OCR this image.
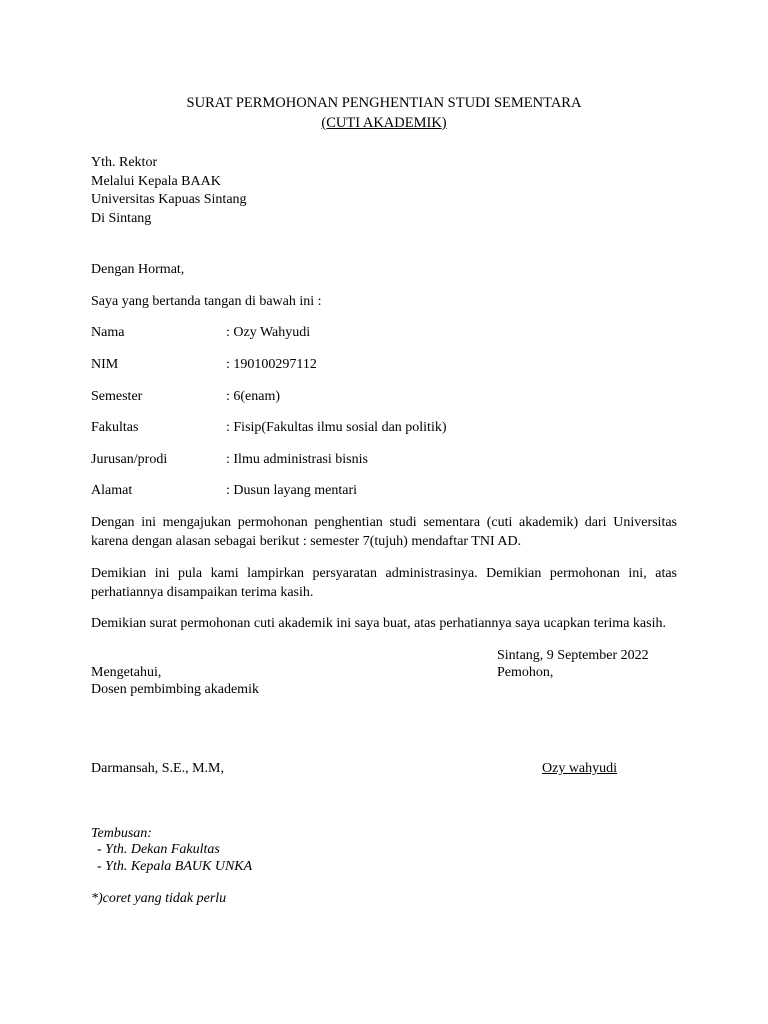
SURAT PERMOHONAN PENGHENTIAN STUDI SEMENTARA
(CUTI AKADEMIK)
Yth. Rektor
Melalui Kepala BAAK
Universitas Kapuas Sintang
Di Sintang
Dengan Hormat,
Saya yang bertanda tangan di bawah ini :
Nama	: Ozy Wahyudi
NIM	: 190100297112
Semester	: 6(enam)
Fakultas	: Fisip(Fakultas ilmu sosial dan politik)
Jurusan/prodi	: Ilmu administrasi bisnis
Alamat	: Dusun layang mentari
Dengan ini mengajukan permohonan penghentian studi sementara (cuti akademik) dari Universitas karena dengan alasan sebagai berikut : semester 7(tujuh) mendaftar TNI AD.
Demikian ini pula kami lampirkan persyaratan administrasinya. Demikian permohonan ini, atas perhatiannya disampaikan terima kasih.
Demikian surat permohonan cuti akademik ini saya buat, atas perhatiannya saya ucapkan terima kasih.
Sintang, 9 September 2022
Pemohon,
Mengetahui,
Dosen pembimbing akademik
Darmansah, S.E., M.M,	Ozy wahyudi
Tembusan:
- Yth. Dekan Fakultas
- Yth. Kepala BAUK UNKA
*)coret yang tidak perlu
